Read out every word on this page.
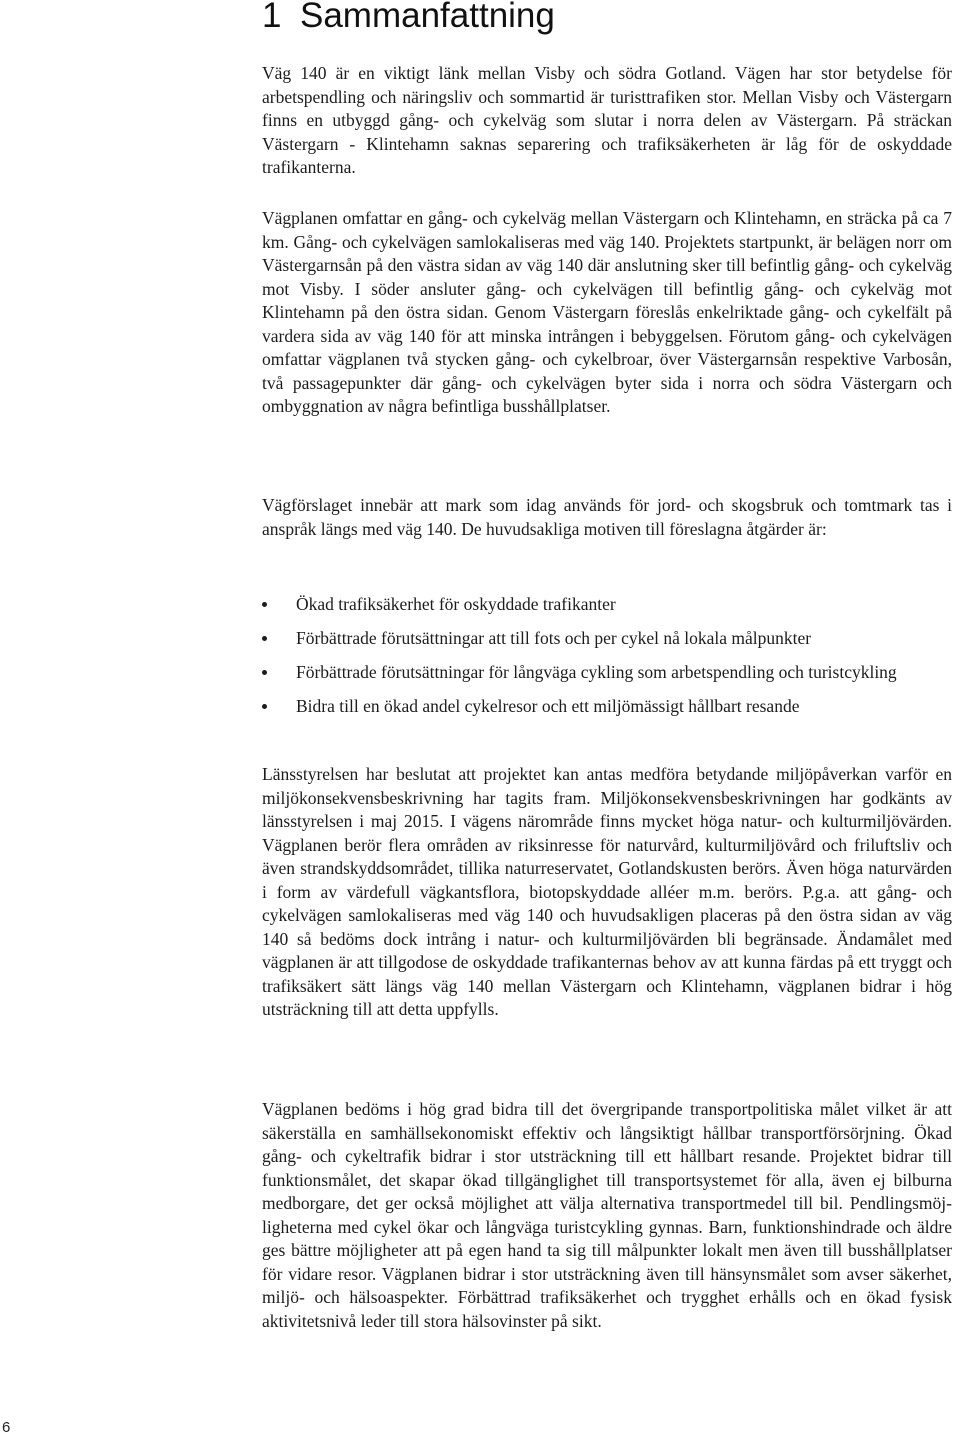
1 Sammanfattning

Väg 140 är en viktigt länk mellan Visby och södra Gotland. Vägen har stor betydelse för arbetspendling och näringsliv och sommartid är turisttrafiken stor. Mellan Visby och Västergarn finns en utbyggd gång- och cykelväg som slutar i norra delen av Västergarn. På sträckan Västergarn - Klintehamn saknas separering och trafiksäkerheten är låg för de oskyddade trafikanterna.

Vägplanen omfattar en gång- och cykelväg mellan Västergarn och Klintehamn, en sträcka på ca 7 km. Gång- och cykelvägen samlokaliseras med väg 140. Projektets startpunkt, är belägen norr om Västergarnsån på den västra sidan av väg 140 där anslutning sker till befintlig gång- och cykelväg mot Visby. I söder ansluter gång- och cykelvägen till befintlig gång- och cykelväg mot Klintehamn på den östra sidan. Genom Västergarn föreslås enkelriktade gång- och cykelfält på vardera sida av väg 140 för att minska intrången i bebyggelsen. Förutom gång- och cykelvägen omfattar vägplanen två stycken gång- och cykelbroar, över Västergarnsån respektive Varbosån, två passagepunkter där gång- och cykelvägen byter sida i norra och södra Västergarn och ombyggnation av några befintliga busshållplatser.

Vägförslaget innebär att mark som idag används för jord- och skogsbruk och tomtmark tas i anspråk längs med väg 140. De huvudsakliga motiven till föreslagna åtgärder är:

Ökad trafiksäkerhet för oskyddade trafikanter
Förbättrade förutsättningar att till fots och per cykel nå lokala målpunkter
Förbättrade förutsättningar för långväga cykling som arbetspendling och turistcykling
Bidra till en ökad andel cykelresor och ett miljömässigt hållbart resande

Länsstyrelsen har beslutat att projektet kan antas medföra betydande miljöpåverkan varför en miljökonsekvensbeskrivning har tagits fram. Miljökonsekvensbeskrivningen har godkänts av länsstyrelsen i maj 2015. I vägens närområde finns mycket höga natur- och kulturmiljövärden. Vägplanen berör flera områden av riksinresse för naturvård, kulturmiljövård och friluftsliv och även strandskyddsområdet, tillika naturreservatet, Gotlandskusten berörs. Även höga naturvärden i form av värdefull vägkantsflora, biotopskyddade alléer m.m. berörs. P.g.a. att gång- och cykelvägen samlokaliseras med väg 140 och huvudsakligen placeras på den östra sidan av väg 140 så bedöms dock intrång i natur- och kulturmiljövärden bli begränsade. Ändamålet med vägplanen är att tillgodose de oskyddade trafikanternas behov av att kunna färdas på ett tryggt och trafiksäkert sätt längs väg 140 mellan Västergarn och Klintehamn, vägplanen bidrar i hög utsträckning till att detta uppfylls.

Vägplanen bedöms i hög grad bidra till det övergripande transportpolitiska målet vilket är att säkerställa en samhällsekonomiskt effektiv och långsiktigt hållbar transportförsörjning. Ökad gång- och cykeltrafik bidrar i stor utsträckning till ett hållbart resande. Projektet bidrar till funktionsmålet, det skapar ökad tillgänglighet till transportsystemet för alla, även ej bilburna medborgare, det ger också möjlighet att välja alternativa transportmedel till bil. Pendlingsmöjligheterna med cykel ökar och långväga turistcykling gynnas. Barn, funktionshindrade och äldre ges bättre möjligheter att på egen hand ta sig till målpunkter lokalt men även till busshållplatser för vidare resor. Vägplanen bidrar i stor utsträckning även till hänsynsmålet som avser säkerhet, miljö- och hälsoaspekter. Förbättrad trafiksäkerhet och trygghet erhålls och en ökad fysisk aktivitetsnivå leder till stora hälsovinster på sikt.

6
